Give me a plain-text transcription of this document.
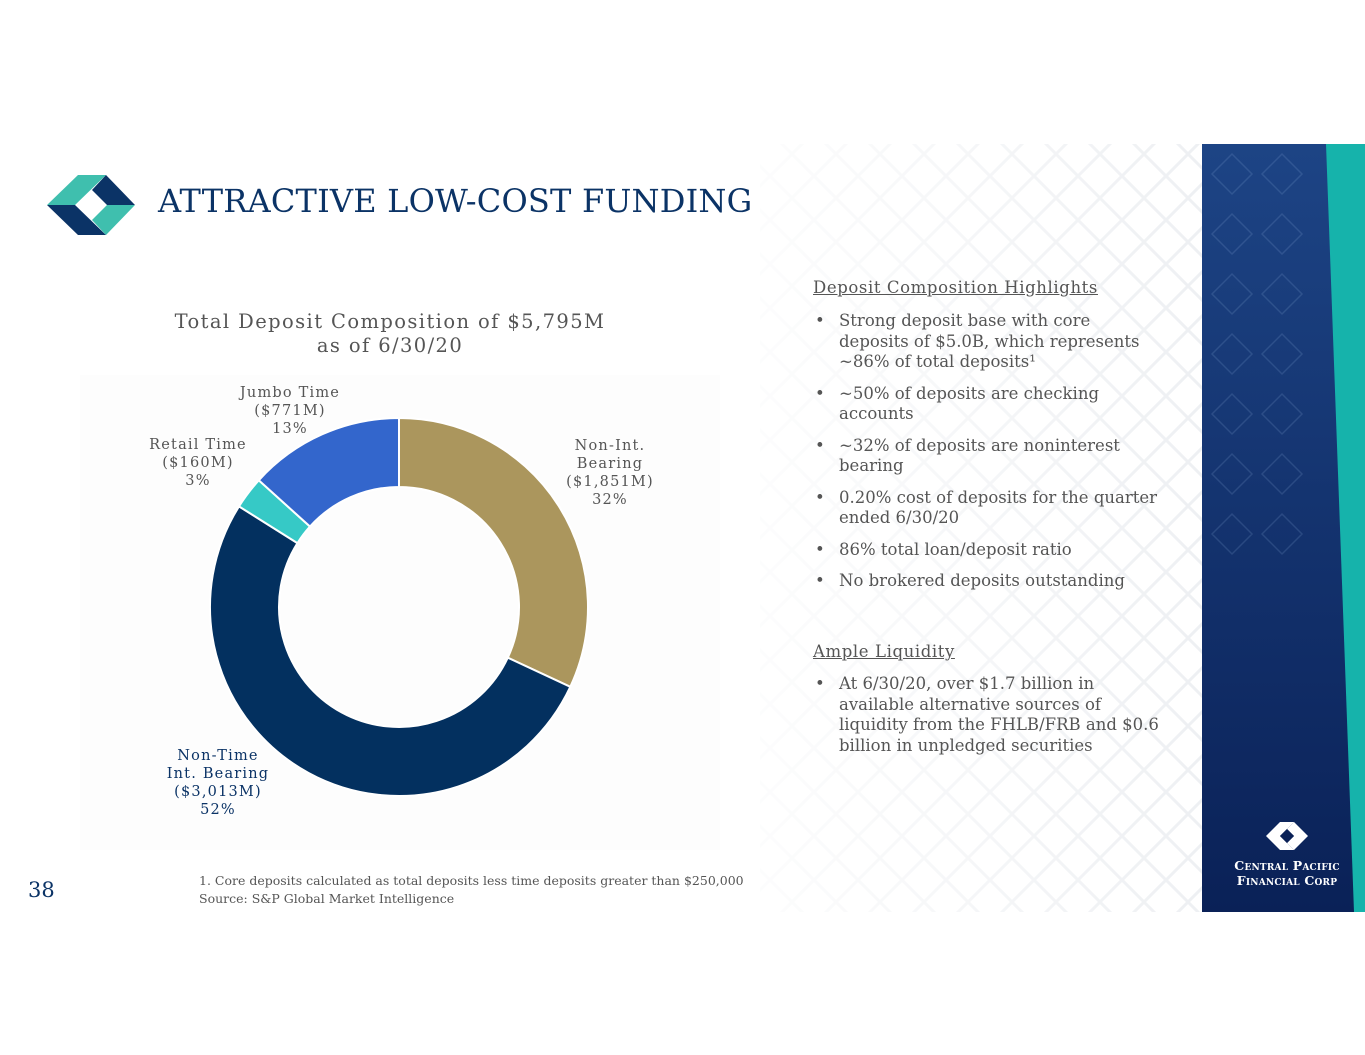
ATTRACTIVE LOW-COST FUNDING
Total Deposit Composition of $5,795M
as of 6/30/20
Non-Int.
Bearing
($1,851M)
32%
Non-Time
Int. Bearing
($3,013M)
52%
Retail Time
($160M)
3%
Jumbo Time
($771M)
13%
Deposit Composition Highlights
• Strong deposit base with core deposits of $5.0B, which represents ~86% of total deposits¹
• ~50% of deposits are checking accounts
• ~32% of deposits are noninterest bearing
• 0.20% cost of deposits for the quarter ended 6/30/20
• 86% total loan/deposit ratio
• No brokered deposits outstanding
Ample Liquidity
• At 6/30/20, over $1.7 billion in available alternative sources of liquidity from the FHLB/FRB and $0.6 billion in unpledged securities
38	1. Core deposits calculated as total deposits less time deposits greater than $250,000
Source: S&P Global Market Intelligence
Central Pacific
Financial Corp
